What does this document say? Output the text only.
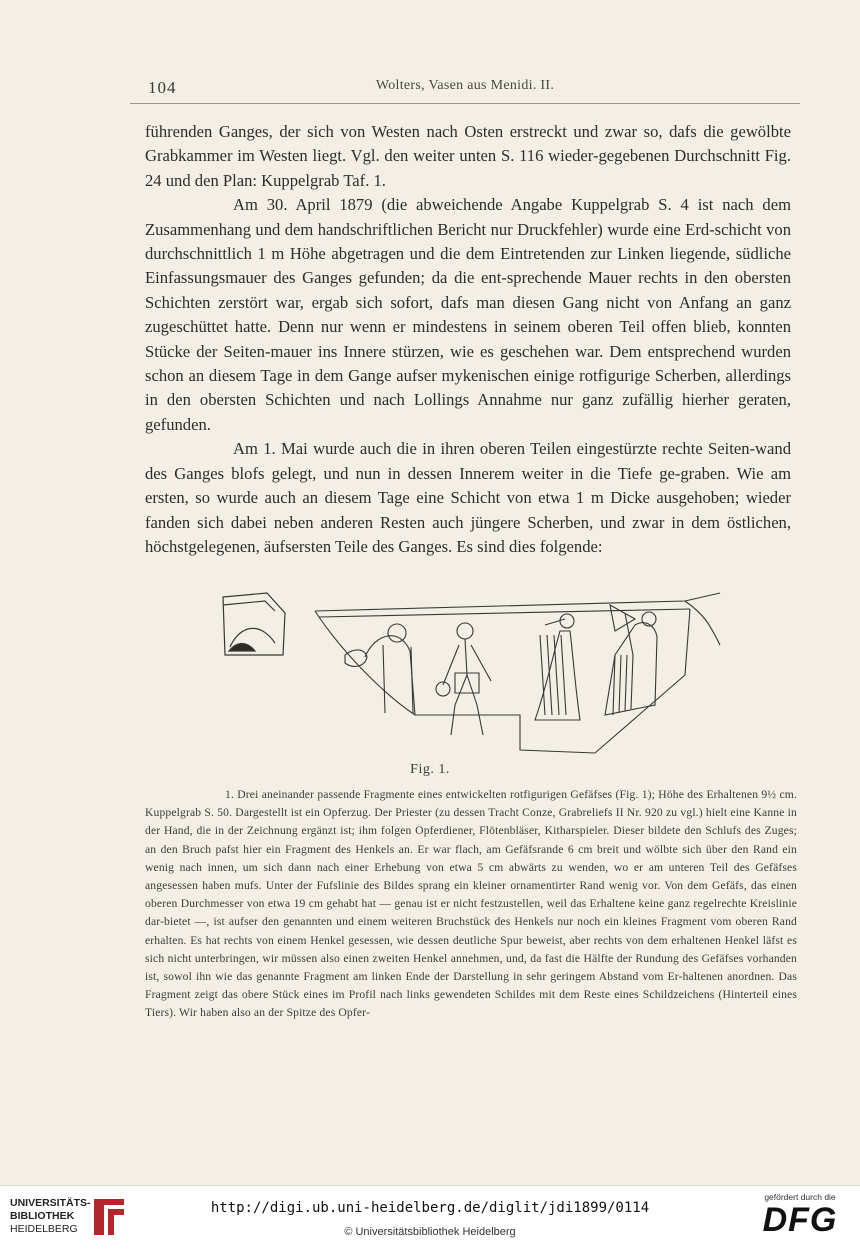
104	Wolters, Vasen aus Menidi. II.

führenden Ganges, der sich von Westen nach Osten erstreckt und zwar so, dafs die gewölbte Grabkammer im Westen liegt. Vgl. den weiter unten S. 116 wieder-gegebenen Durchschnitt Fig. 24 und den Plan: Kuppelgrab Taf. 1.

Am 30. April 1879 (die abweichende Angabe Kuppelgrab S. 4 ist nach dem Zusammenhang und dem handschriftlichen Bericht nur Druckfehler) wurde eine Erd-schicht von durchschnittlich 1 m Höhe abgetragen und die dem Eintretenden zur Linken liegende, südliche Einfassungsmauer des Ganges gefunden; da die ent-sprechende Mauer rechts in den obersten Schichten zerstört war, ergab sich sofort, dafs man diesen Gang nicht von Anfang an ganz zugeschüttet hatte. Denn nur wenn er mindestens in seinem oberen Teil offen blieb, konnten Stücke der Seiten-mauer ins Innere stürzen, wie es geschehen war. Dem entsprechend wurden schon an diesem Tage in dem Gange aufser mykenischen einige rotfigurige Scherben, allerdings in den obersten Schichten und nach Lollings Annahme nur ganz zufällig hierher geraten, gefunden.

Am 1. Mai wurde auch die in ihren oberen Teilen eingestürzte rechte Seiten-wand des Ganges blofs gelegt, und nun in dessen Innerem weiter in die Tiefe ge-graben. Wie am ersten, so wurde auch an diesem Tage eine Schicht von etwa 1 m Dicke ausgehoben; wieder fanden sich dabei neben anderen Resten auch jüngere Scherben, und zwar in dem östlichen, höchstgelegenen, äufsersten Teile des Ganges. Es sind dies folgende:

Fig. 1.

1. Drei aneinander passende Fragmente eines entwickelten rotfigurigen Gefäfses (Fig. 1); Höhe des Erhaltenen 9½ cm. Kuppelgrab S. 50. Dargestellt ist ein Opferzug. Der Priester (zu dessen Tracht Conze, Grabreliefs II Nr. 920 zu vgl.) hielt eine Kanne in der Hand, die in der Zeichnung ergänzt ist; ihm folgen Opferdiener, Flötenbläser, Kitharspieler. Dieser bildete den Schlufs des Zuges; an den Bruch pafst hier ein Fragment des Henkels an. Er war flach, am Gefäfsrande 6 cm breit und wölbte sich über den Rand ein wenig nach innen, um sich dann nach einer Erhebung von etwa 5 cm abwärts zu wenden, wo er am unteren Teil des Gefäfses angesessen haben mufs. Unter der Fufslinie des Bildes sprang ein kleiner ornamentirter Rand wenig vor. Von dem Gefäfs, das einen oberen Durchmesser von etwa 19 cm gehabt hat — genau ist er nicht festzustellen, weil das Erhaltene keine ganz regelrechte Kreislinie dar-bietet —, ist aufser den genannten und einem weiteren Bruchstück des Henkels nur noch ein kleines Fragment vom oberen Rand erhalten. Es hat rechts von einem Henkel gesessen, wie dessen deutliche Spur beweist, aber rechts von dem erhaltenen Henkel läfst es sich nicht unterbringen, wir müssen also einen zweiten Henkel annehmen, und, da fast die Hälfte der Rundung des Gefäfses vorhanden ist, sowol ihn wie das genannte Fragment am linken Ende der Darstellung in sehr geringem Abstand vom Er-haltenen anordnen. Das Fragment zeigt das obere Stück eines im Profil nach links gewendeten Schildes mit dem Reste eines Schildzeichens (Hinterteil eines Tiers). Wir haben also an der Spitze des Opfer-

UNIVERSITÄTS-
BIBLIOTHEK
HEIDELBERG
http://digi.ub.uni-heidelberg.de/diglit/jdi1899/0114
© Universitätsbibliothek Heidelberg
gefördert durch die
DFG
